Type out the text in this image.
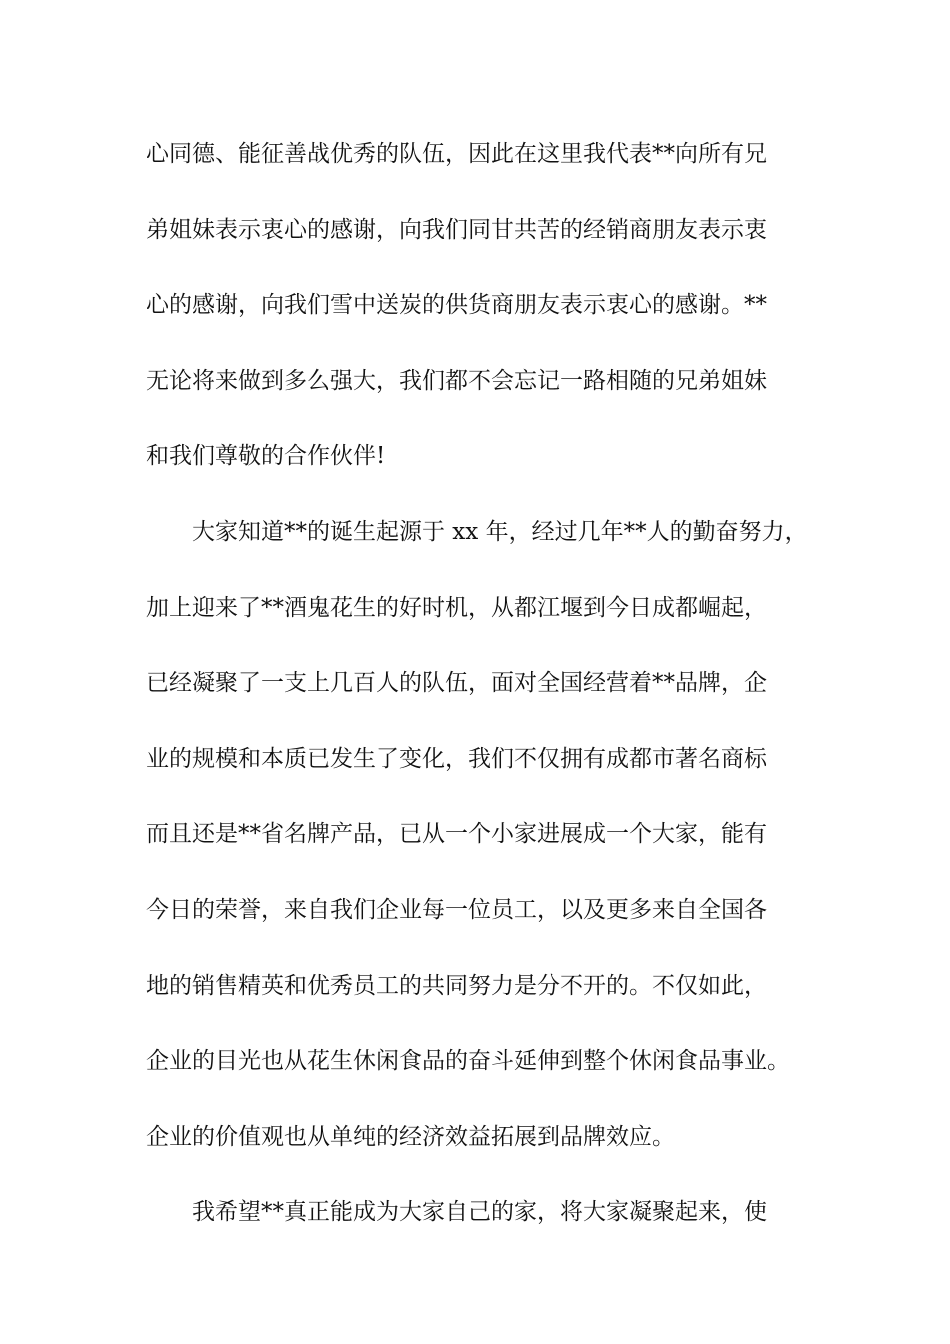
心同德、能征善战优秀的队伍，因此在这里我代表**向所有兄
弟姐妹表示衷心的感谢，向我们同甘共苦的经销商朋友表示衷
心的感谢，向我们雪中送炭的供货商朋友表示衷心的感谢。**
无论将来做到多么强大，我们都不会忘记一路相随的兄弟姐妹
和我们尊敬的合作伙伴!
大家知道**的诞生起源于 xx 年，经过几年**人的勤奋努力，
加上迎来了**酒鬼花生的好时机，从都江堰到今日成都崛起，
已经凝聚了一支上几百人的队伍，面对全国经营着**品牌，企
业的规模和本质已发生了变化，我们不仅拥有成都市著名商标
而且还是**省名牌产品，已从一个小家进展成一个大家，能有
今日的荣誉，来自我们企业每一位员工，以及更多来自全国各
地的销售精英和优秀员工的共同努力是分不开的。不仅如此，
企业的目光也从花生休闲食品的奋斗延伸到整个休闲食品事业。
企业的价值观也从单纯的经济效益拓展到品牌效应。
我希望**真正能成为大家自己的家，将大家凝聚起来，使
